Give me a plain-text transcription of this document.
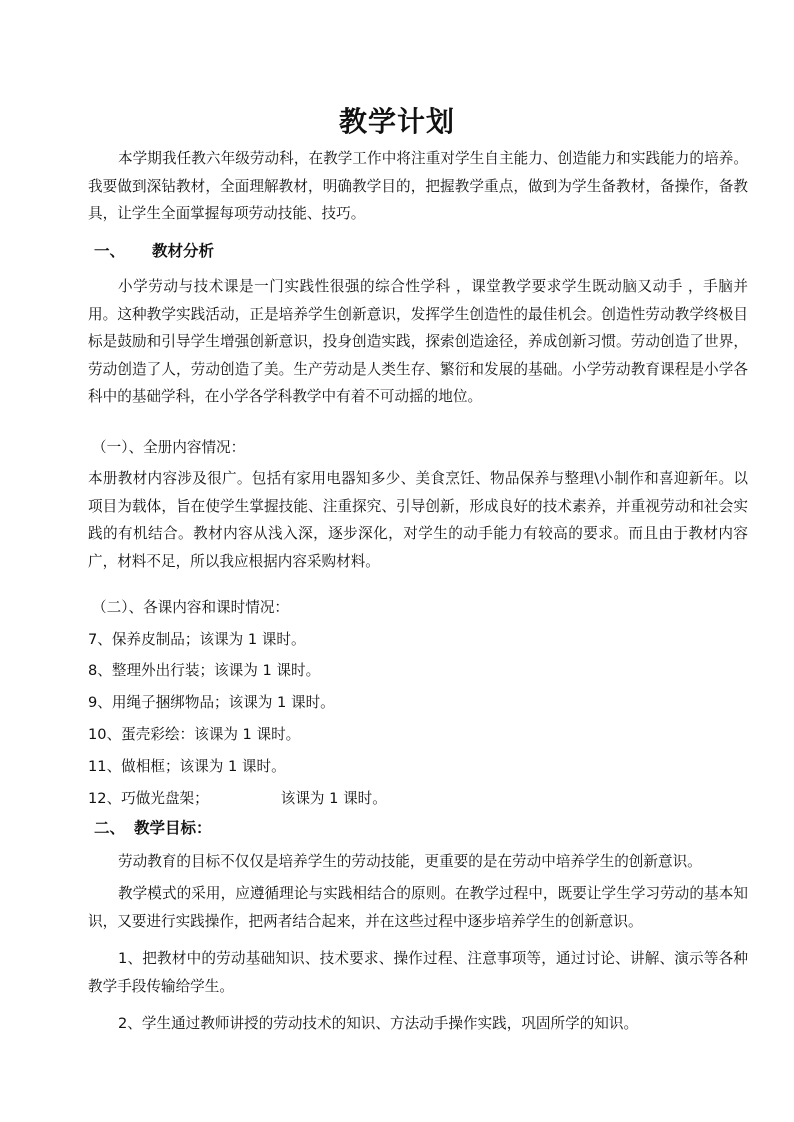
教学计划

本学期我任教六年级劳动科，在教学工作中将注重对学生自主能力、创造能力和实践能力的培养。我要做到深钻教材，全面理解教材，明确教学目的，把握教学重点，做到为学生备教材，备操作，备教具，让学生全面掌握每项劳动技能、技巧。

一、 教材分析

小学劳动与技术课是一门实践性很强的综合性学科 ，课堂教学要求学生既动脑又动手 ，手脑并用。这种教学实践活动，正是培养学生创新意识，发挥学生创造性的最佳机会。创造性劳动教学终极目标是鼓励和引导学生增强创新意识，投身创造实践，探索创造途径，养成创新习惯。劳动创造了世界，劳动创造了人，劳动创造了美。生产劳动是人类生存、繁衍和发展的基础。小学劳动教育课程是小学各科中的基础学科，在小学各学科教学中有着不可动摇的地位。

（一）、全册内容情况：

本册教材内容涉及很广。包括有家用电器知多少、美食烹饪、物品保养与整理\小制作和喜迎新年。以项目为载体，旨在使学生掌握技能、注重探究、引导创新，形成良好的技术素养，并重视劳动和社会实践的有机结合。教材内容从浅入深，逐步深化，对学生的动手能力有较高的要求。而且由于教材内容广，材料不足，所以我应根据内容采购材料。

（二）、各课内容和课时情况：
7、保养皮制品；该课为 1 课时。
8、整理外出行装；该课为 1 课时。
9、用绳子捆绑物品；该课为 1 课时。
10、蛋壳彩绘：该课为 1 课时。
11、做相框；该课为 1 课时。
12、巧做光盘架；	该课为 1 课时。
二、 教学目标：

劳动教育的目标不仅仅是培养学生的劳动技能，更重要的是在劳动中培养学生的创新意识。

教学模式的采用，应遵循理论与实践相结合的原则。在教学过程中，既要让学生学习劳动的基本知识，又要进行实践操作，把两者结合起来，并在这些过程中逐步培养学生的创新意识。

1、把教材中的劳动基础知识、技术要求、操作过程、注意事项等，通过讨论、讲解、演示等各种教学手段传输给学生。

2、学生通过教师讲授的劳动技术的知识、方法动手操作实践，巩固所学的知识。
